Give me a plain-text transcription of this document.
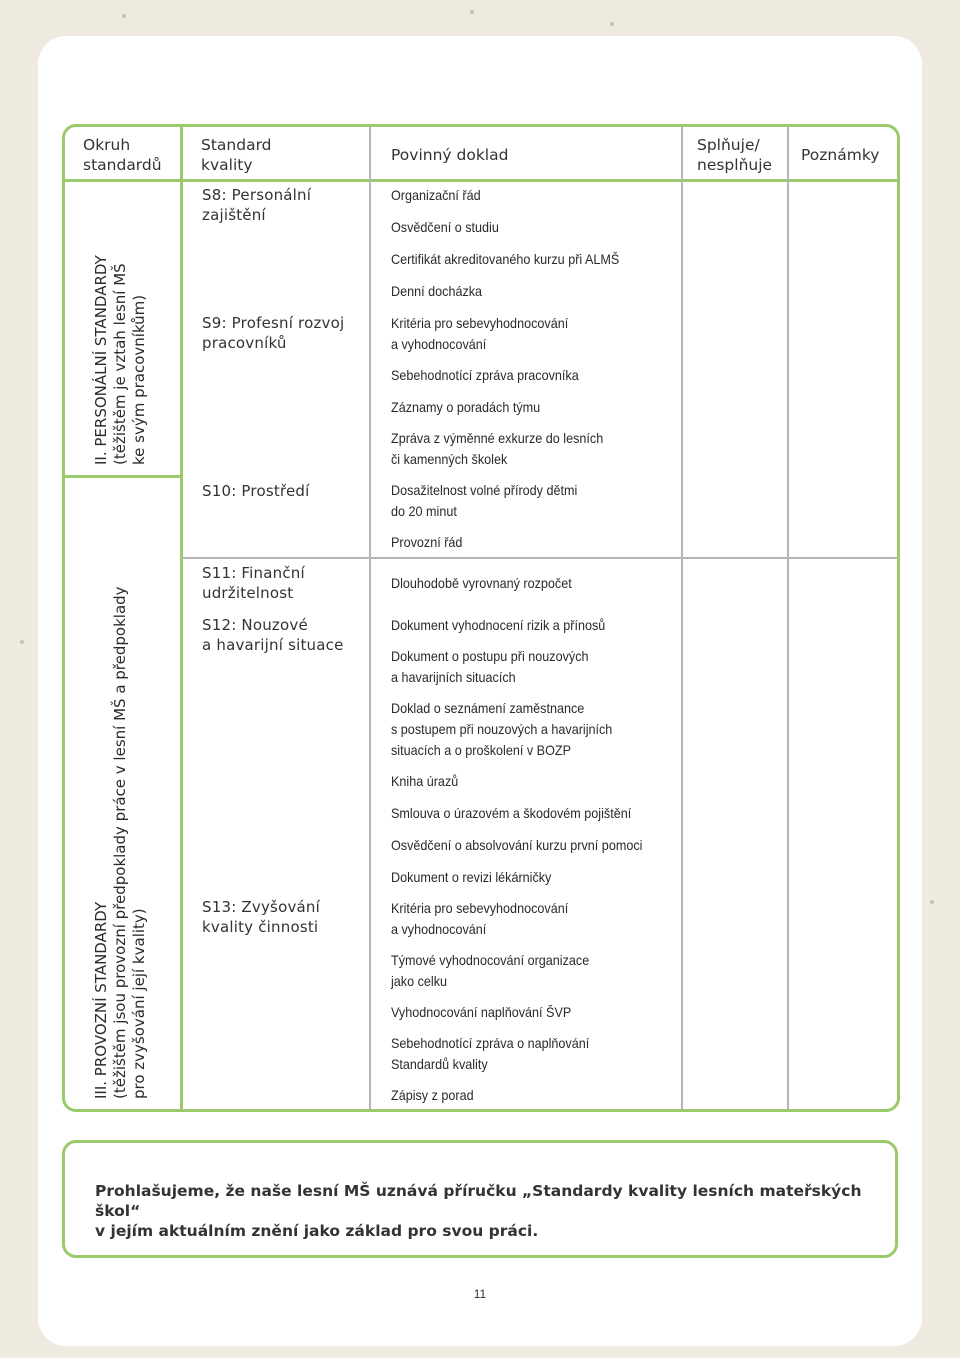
Okruh
standardů
Standard
kvality
Povinný doklad
Splňuje/
nesplňuje
Poznámky
II. PERSONÁLNÍ STANDARDY (těžištěm je vztah lesní MŠ ke svým pracovníkům)
III. PROVOZNÍ STANDARDY (těžištěm jsou provozní předpoklady práce v lesní MŠ a předpoklady pro zvyšování její kvality)
S8: Personální
zajištění
S9: Profesní rozvoj
pracovníků
S10: Prostředí
S11: Finanční
udržitelnost
S12: Nouzové
a havarijní situace
S13: Zvyšování
kvality činnosti
Organizační řád
Osvědčení o studiu
Certifikát akreditovaného kurzu při ALMŠ
Denní docházka
Kritéria pro sebevyhodnocování
a vyhodnocování
Sebehodnotící zpráva pracovníka
Záznamy o poradách týmu
Zpráva z výměnné exkurze do lesních
či kamenných školek
Dosažitelnost volné přírody dětmi
do 20 minut
Provozní řád
Dlouhodobě vyrovnaný rozpočet
Dokument vyhodnocení rizik a přínosů
Dokument o postupu při nouzových
a havarijních situacích
Doklad o seznámení zaměstnance
s postupem při nouzových a havarijních
situacích a o proškolení v BOZP
Kniha úrazů
Smlouva o úrazovém a škodovém pojištění
Osvědčení o absolvování kurzu první pomoci
Dokument o revizi lékárničky
Kritéria pro sebevyhodnocování
a vyhodnocování
Týmové vyhodnocování organizace
jako celku
Vyhodnocování naplňování ŠVP
Sebehodnotící zpráva o naplňování
Standardů kvality
Zápisy z porad
Prohlašujeme, že naše lesní MŠ uznává příručku „Standardy kvality lesních mateřských škol“
v jejím aktuálním znění jako základ pro svou práci.
11
